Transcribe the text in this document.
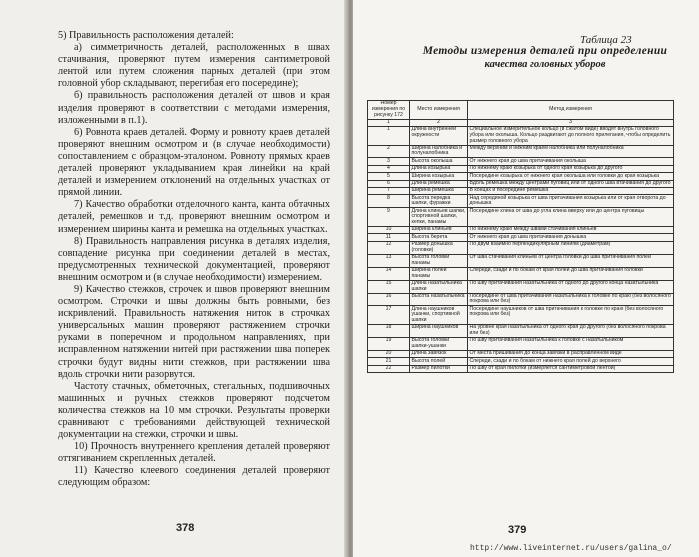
5) Правильность расположения деталей:

а) симметричность деталей, расположенных в швах стачивания, проверяют путем измерения сантиметровой лентой или путем сложения парных деталей (при этом головной убор складывают, перегибая его посередине);

б) правильность расположения деталей от швов и края изделия проверяют в соответствии с методами измерения, изложенными в п.1).

6) Ровнота краев деталей. Форму и ровноту краев деталей проверяют внешним осмотром и (в случае необходимости) сопоставлением с образцом-эталоном. Ровноту прямых краев деталей проверяют укладыванием края линейки на край деталей и измерением отклонений на отдельных участках от прямой линии.

7) Качество обработки отделочного канта, канта обтачных деталей, ремешков и т.д. проверяют внешним осмотром и измерением ширины канта и ремешка на отдельных участках.

8) Правильность направления рисунка в деталях изделия, совпадение рисунка при соединении деталей в местах, предусмотренных технической документацией, проверяют внешним осмотром и (в случае необходимости) измерением.

9) Качество стежков, строчек и швов проверяют внешним осмотром. Строчки и швы должны быть ровными, без искривлений. Правильность натяжения ниток в строчках универсальных машин проверяют растяжением строчки руками в поперечном и продольном направлениях, при исправленном натяжении нитей при растяжении шва поперек строчки будут видны нити стежков, при растяжении шва вдоль строчки нити разорвутся.

Частоту стачных, обметочных, стегальных, подшивочных машинных и ручных стежков проверяют подсчетом количества стежков на 10 мм строчки. Результаты проверки сравнивают с требованиями действующей технической документации на стежки, строчки и швы.

10) Прочность внутреннего крепления деталей проверяют оттягиванием скрепленных деталей.

11) Качество клеевого соединения деталей проверяют следующим образом:

378
Таблица 23
Методы измерения деталей при определении
качества головных уборов
Номер измерения по рисунку 172	Место измерения	Метод измерения
1	2	3
1	Длина внутренней окружности	Специальное измерительное кольцо (в сжатом виде) вводят внутрь головного убора или околыша. Кольцо раздвигают до полного прилегания, чтобы определить размер головного убора
2	Ширина налобника и полуналобника	Между верхним и нижним краем налобника или полуналобника
3	Высота околыша	От нижнего края до шва притачивания околыша
4	Длина козырька	По нижнему краю козырька от одного края козырька до другого
5	Ширина козырька	Посередине козырька от нижнего края околыша или головки до края козырька
6	Длина ремешка	Вдоль ремешка между центрами пуговиц или от одного шва втачивания до другого
7	Ширина ремешка	В концах и посередине ремешка
8	Высота передка шапки, фуражки	Над серединой козырька от шва притачивания козырька или от края отворота до донышка
9	Длина клиньев шапки, спортивной шапки, кепки, панамы	Посередине клина от шва до угла клина вверху или до центра пуговицы
10	Ширина клиньев	По нижнему краю между швами стачивания клиньев
11	Высота берета	От нижнего края до шва притачивания донышка
12	Размер донышка (головки)	По двум взаимно перпендикулярным линиям (диаметрам)
13	Высота головки панамы	От шва стачивания клиньев от центра головки до шва притачивания полей
14	Ширина полей панамы	Спереди, сзади и по бокам от края полей до шва притачивания головки
15	Длина назатыльника шапки	По шву притачивания назатыльника от одного до другого конца назатыльника
16	Высота назатыльника	Посередине от шва притачивания назатыльника к головке по краю (без волосяного покрова или без)
17	Длина наушников ушанки, спортивной шапки	Посередине наушников от шва притачивания к головке по краю (без волосяного покрова или без)
18	Ширина наушников	На уровне края назатыльника от одного края до другого (без волосяного покрова или без)
19	Высота головки шапки-ушанки	По шву притачивания назатыльника к головке с назатыльником
20	Длина завязок	От места пришивания до конца завязки в расправленном виде
21	Высота полей	Спереди, сзади и по бокам от нижнего края полей до верхнего
22	Размер пилотки	По шву от края пилотки (измеряется сантиметровой лентой)
379
http://www.liveinternet.ru/users/galina_o/
